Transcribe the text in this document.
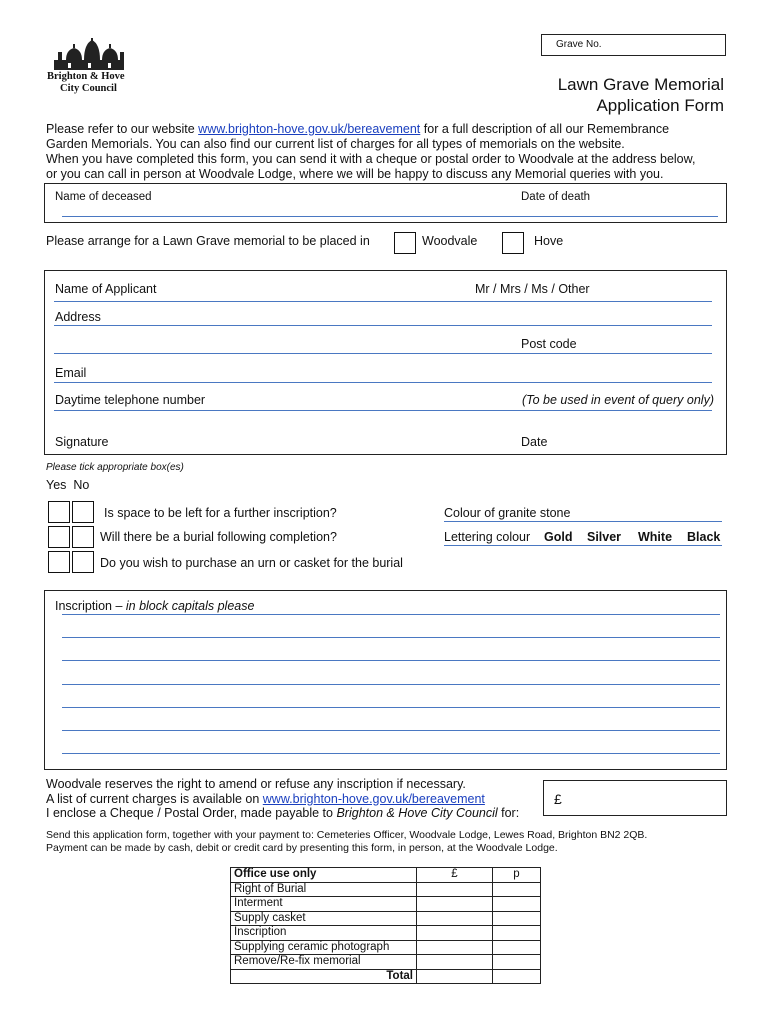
Grave No.
Brighton & Hove
City Council	Lawn Grave Memorial
Application Form
Please refer to our website www.brighton-hove.gov.uk/bereavement for a full description of all our Remembrance
Garden Memorials. You can also find our current list of charges for all types of memorials on the website.
When you have completed this form, you can send it with a cheque or postal order to Woodvale at the address below,
or you can call in person at Woodvale Lodge, where we will be happy to discuss any Memorial queries with you.
Name of deceased	Date of death
Please arrange for a Lawn Grave memorial to be placed in	Woodvale	Hove
Name of Applicant	Mr / Mrs / Ms / Other
Address
Post code
Email
Daytime telephone number	(To be used in event of query only)
Signature	Date
Please tick appropriate box(es)
Yes  No
Is space to be left for a further inscription?
Will there be a burial following completion?
Do you wish to purchase an urn or casket for the burial
Colour of granite stone
Lettering colour Gold Silver White Black
Inscription – in block capitals please
Woodvale reserves the right to amend or refuse any inscription if necessary.
A list of current charges is available on www.brighton-hove.gov.uk/bereavement
I enclose a Cheque / Postal Order, made payable to Brighton & Hove City Council for:
£
Send this application form, together with your payment to: Cemeteries Officer, Woodvale Lodge, Lewes Road, Brighton BN2 2QB.
Payment can be made by cash, debit or credit card by presenting this form, in person, at the Woodvale Lodge.
Office use only	£	p
Right of Burial		
Interment		
Supply casket		
Inscription		
Supplying ceramic photograph		
Remove/Re-fix memorial		
Total		
